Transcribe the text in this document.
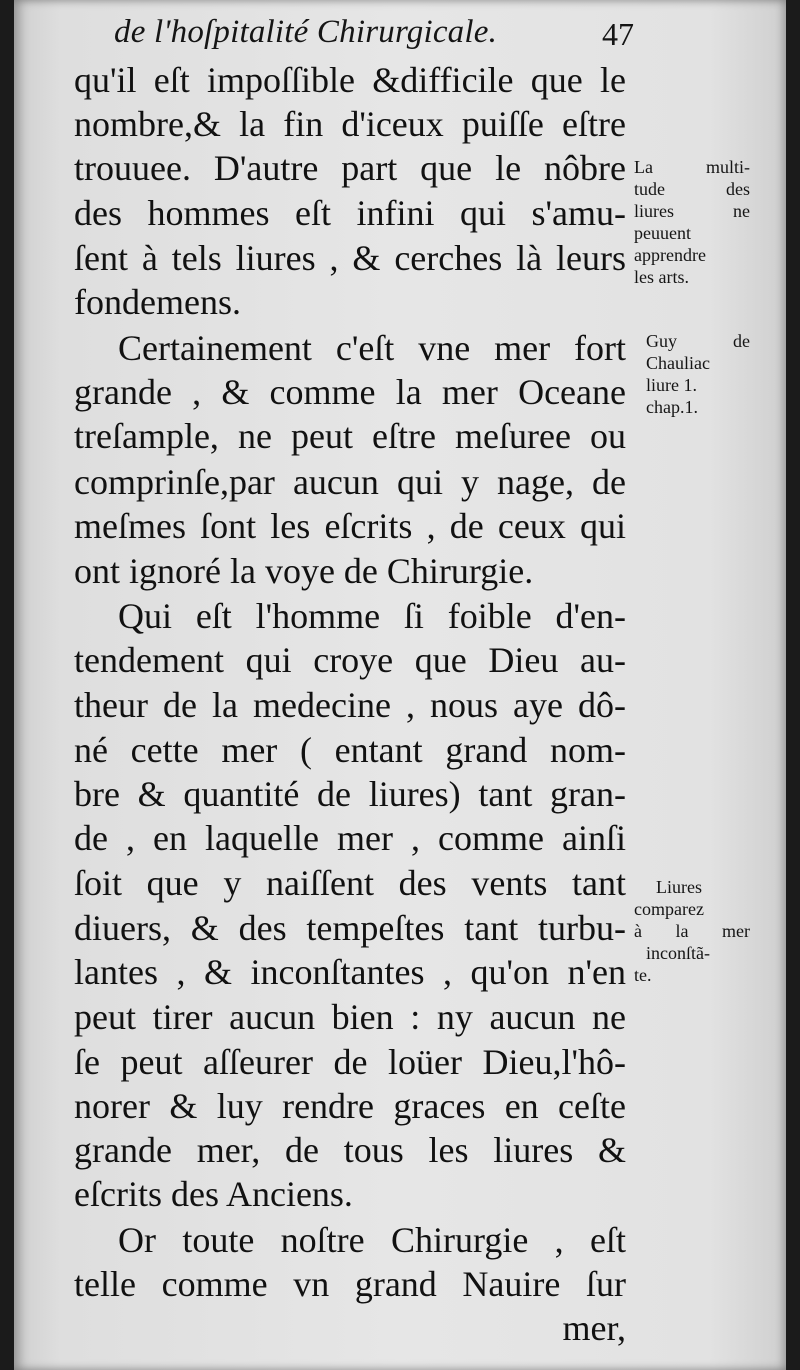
de l'hoſpitalité Chirurgicale.	47
qu'il eſt impoſſible &difficile que le
nombre,& la fin d'iceux puiſſe eſtre
trouuee. D'autre part que le nôbre
des hommes eſt infini qui s'amu-
ſent à tels liures , & cerches là leurs
fondemens.
Certainement c'eſt vne mer fort
grande , & comme la mer Oceane
treſample, ne peut eſtre meſuree ou
comprinſe,par aucun qui y nage, de
meſmes ſont les eſcrits , de ceux qui
ont ignoré la voye de Chirurgie.
Qui eſt l'homme ſi foible d'en-
tendement qui croye que Dieu au-
theur de la medecine , nous aye dô-
né cette mer ( entant grand nom-
bre & quantité de liures) tant gran-
de , en laquelle mer , comme ainſi
ſoit que y naiſſent des vents tant
diuers, & des tempeſtes tant turbu-
lantes , & inconſtantes , qu'on n'en
peut tirer aucun bien : ny aucun ne
ſe peut aſſeurer de loüer Dieu,l'hô-
norer & luy rendre graces en ceſte
grande mer, de tous les liures &
eſcrits des Anciens.
Or toute noſtre Chirurgie , eſt
telle comme vn grand Nauire ſur
mer,
La multi-
tude des
liures ne
peuuent
apprendre
les arts.
Guy de
Chauliac
liure 1.
chap.1.
Liures
comparez
à la mer
inconſtã-
te.
